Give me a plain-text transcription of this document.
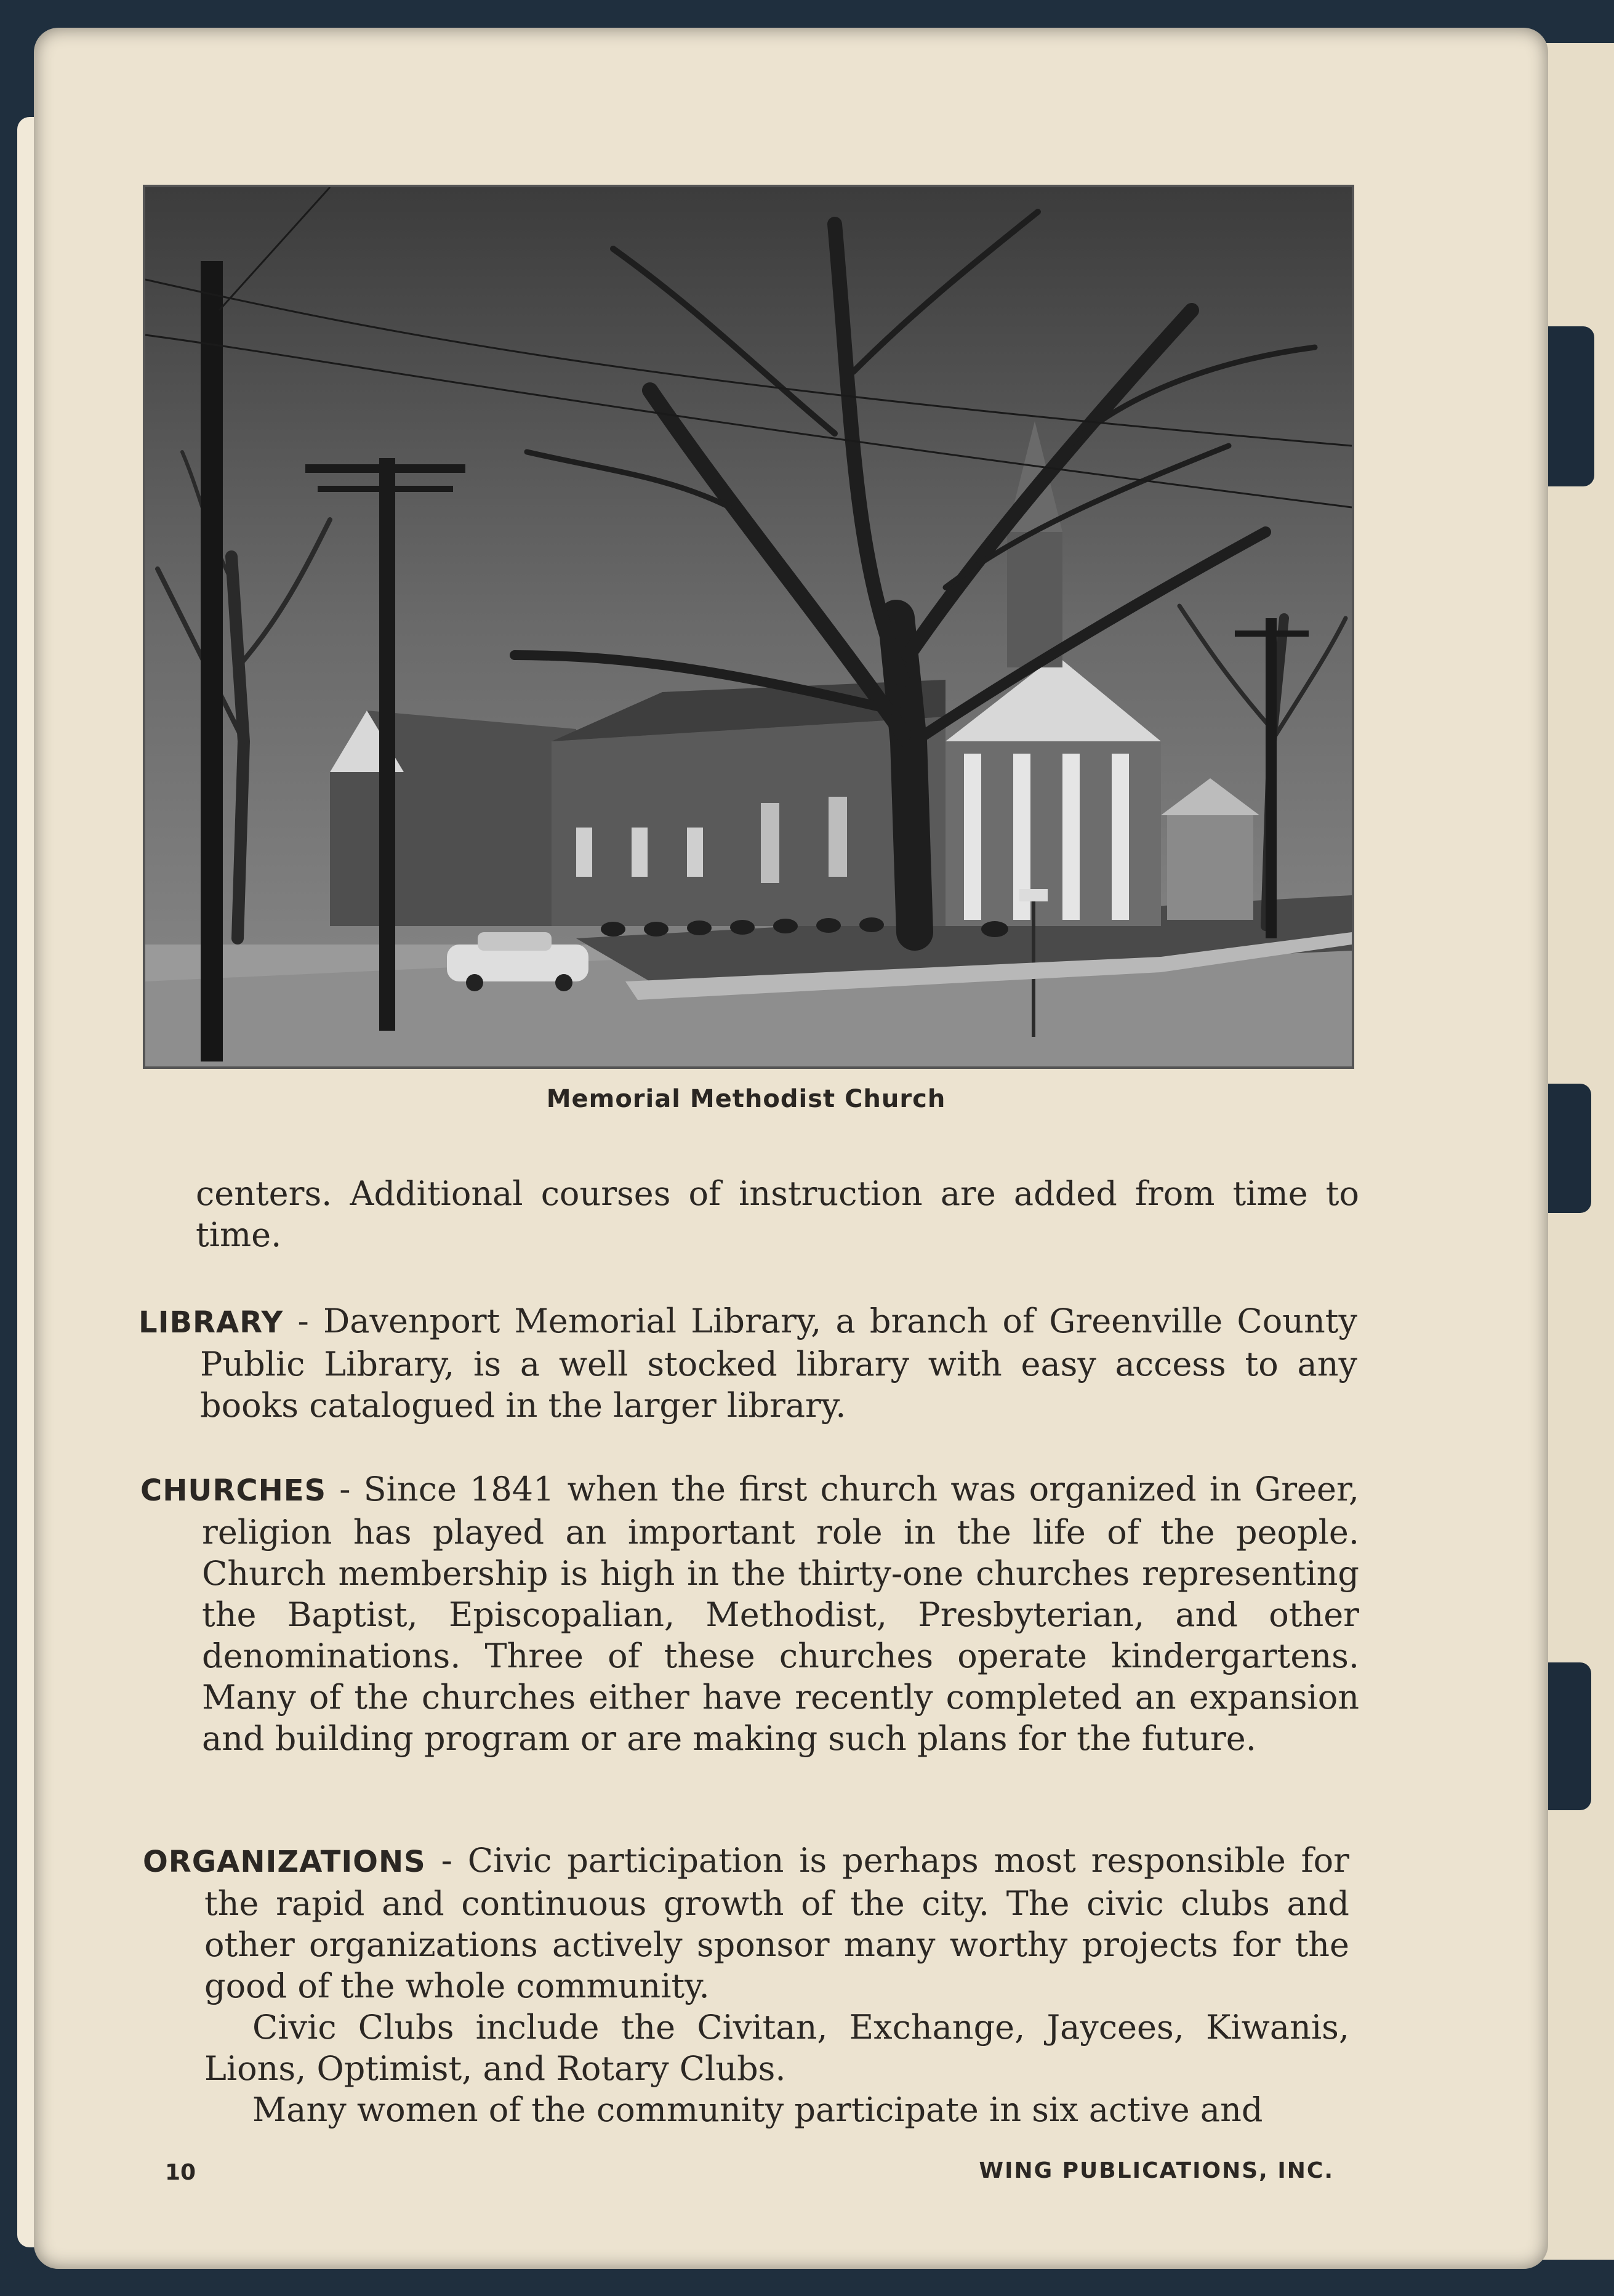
Memorial Methodist Church

centers. Additional courses of instruction are added from time to time.

LIBRARY - Davenport Memorial Library, a branch of Greenville County Public Library, is a well stocked library with easy access to any books catalogued in the larger library.

CHURCHES - Since 1841 when the first church was organized in Greer, religion has played an important role in the life of the people. Church membership is high in the thirty-one churches representing the Baptist, Episcopalian, Methodist, Presbyterian, and other denominations. Three of these churches operate kindergartens. Many of the churches either have recently completed an expansion and building program or are making such plans for the future.

ORGANIZATIONS - Civic participation is perhaps most responsible for the rapid and continuous growth of the city. The civic clubs and other organizations actively sponsor many worthy projects for the good of the whole community.

Civic Clubs include the Civitan, Exchange, Jaycees, Kiwanis, Lions, Optimist, and Rotary Clubs.

Many women of the community participate in six active and

10	WING PUBLICATIONS, INC.
